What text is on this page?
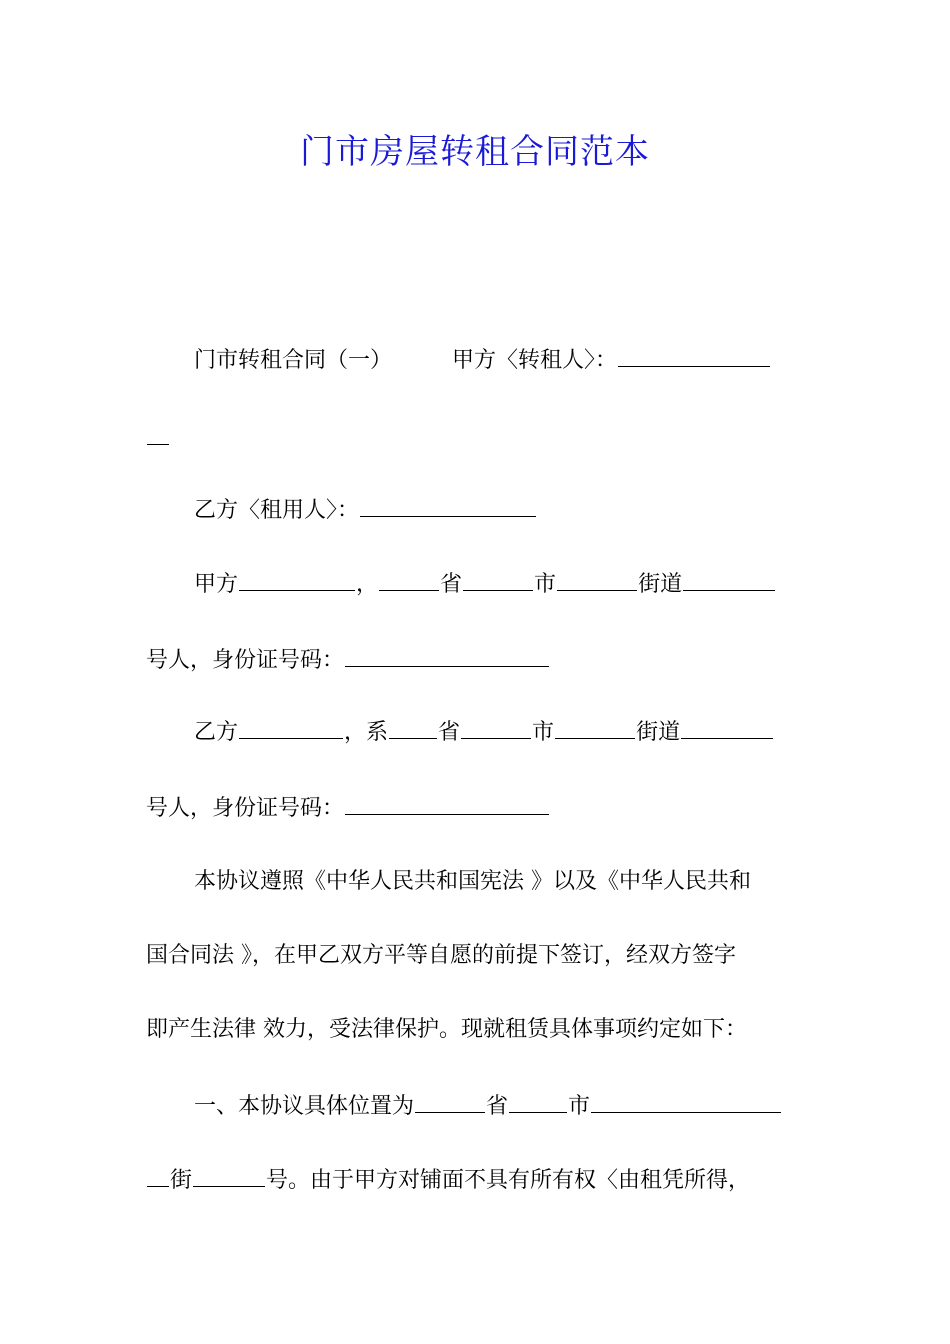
门市房屋转租合同范本
门市转租合同（一）	甲方〈转租人〉：
乙方〈租用人〉：
甲方	，	省	市	街道
号人，身份证号码：
乙方	，系 省	市	街道
号人，身份证号码：
本协议遵照《中华人民共和国宪法 》以及《中华人民共和
国合同法 》，在甲乙双方平等自愿的前提下签订，经双方签字
即产生法律 效力，受法律保护。现就租赁具体事项约定如下：
一、本协议具体位置为	省	市
街	号。由于甲方对铺面不具有所有权〈由租凭所得，
